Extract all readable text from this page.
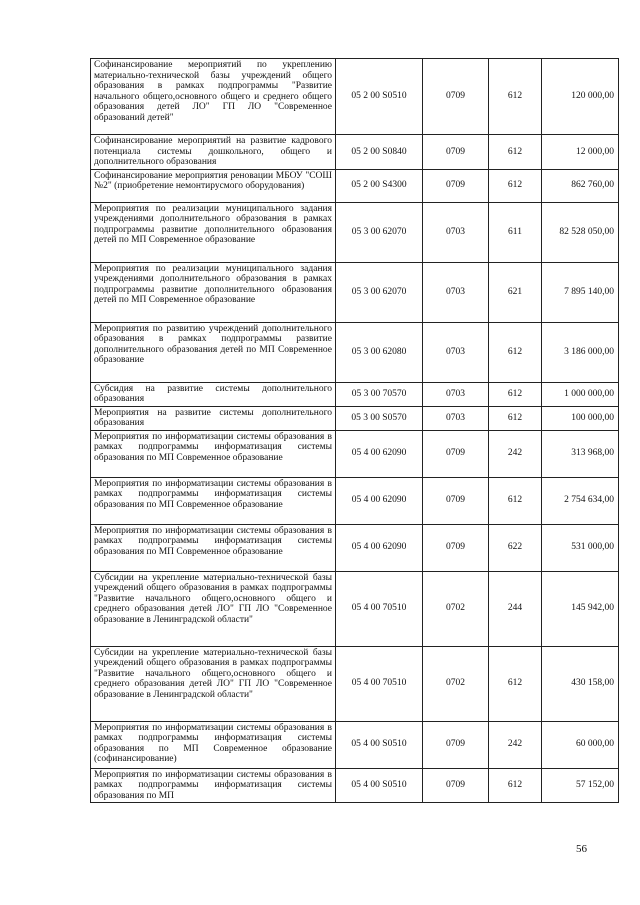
Софинансирование мероприятий по укреплению материально-технической базы учреждений общего образования в рамках подпрограммы "Развитие начального общего,основного общего и среднего общего образования детей ЛО" ГП ЛО "Современное образований детей"	05 2 00 S0510	0709	612	120 000,00
Софинансирование мероприятий на развитие кадрового потенциала системы дошкольного, общего и дополнительного образования	05 2 00 S0840	0709	612	12 000,00
Софинансирование мероприятия реновации МБОУ "СОШ №2" (приобретение немонтирусмого оборудования)	05 2 00 S4300	0709	612	862 760,00
Мероприятия по реализации муниципального задания учреждениями дополнительного образования в рамках подпрограммы развитие дополнительного образования детей по МП Современное образование	05 3 00 62070	0703	611	82 528 050,00
Мероприятия по реализации муниципального задания учреждениями дополнительного образования в рамках подпрограммы развитие дополнительного образования детей по МП Современное образование	05 3 00 62070	0703	621	7 895 140,00
Мероприятия по развитию учреждений дополнительного образования в рамках подпрограммы развитие дополнительного образования детей по МП Современное образование	05 3 00 62080	0703	612	3 186 000,00
Субсидия на развитие системы дополнительного образования	05 3 00 70570	0703	612	1 000 000,00
Мероприятия на развитие системы дополнительного образования	05 3 00 S0570	0703	612	100 000,00
Мероприятия по информатизации системы образования в рамках подпрограммы информатизация системы образования по МП Современное образование	05 4 00 62090	0709	242	313 968,00
Мероприятия по информатизации системы образования в рамках подпрограммы информатизация системы образования по МП Современное образование	05 4 00 62090	0709	612	2 754 634,00
Мероприятия по информатизации системы образования в рамках подпрограммы информатизация системы образования по МП Современное образование	05 4 00 62090	0709	622	531 000,00
Субсидии на укрепление материально-технической базы учреждений общего образования в рамках подпрограммы "Развитие начального общего,основного общего и среднего образования детей ЛО" ГП ЛО "Современное образование в Ленинградской области"	05 4 00 70510	0702	244	145 942,00
Субсидии на укрепление материально-технической базы учреждений общего образования в рамках подпрограммы "Развитие начального общего,основного общего и среднего образования детей ЛО" ГП ЛО "Современное образование в Ленинградской области"	05 4 00 70510	0702	612	430 158,00
Мероприятия по информатизации системы образования в рамках подпрограммы информатизация системы образования по МП Современное образование (софинансирование)	05 4 00 S0510	0709	242	60 000,00
Мероприятия по информатизации системы образования в рамках подпрограммы информатизация системы образования по МП	05 4 00 S0510	0709	612	57 152,00
56
